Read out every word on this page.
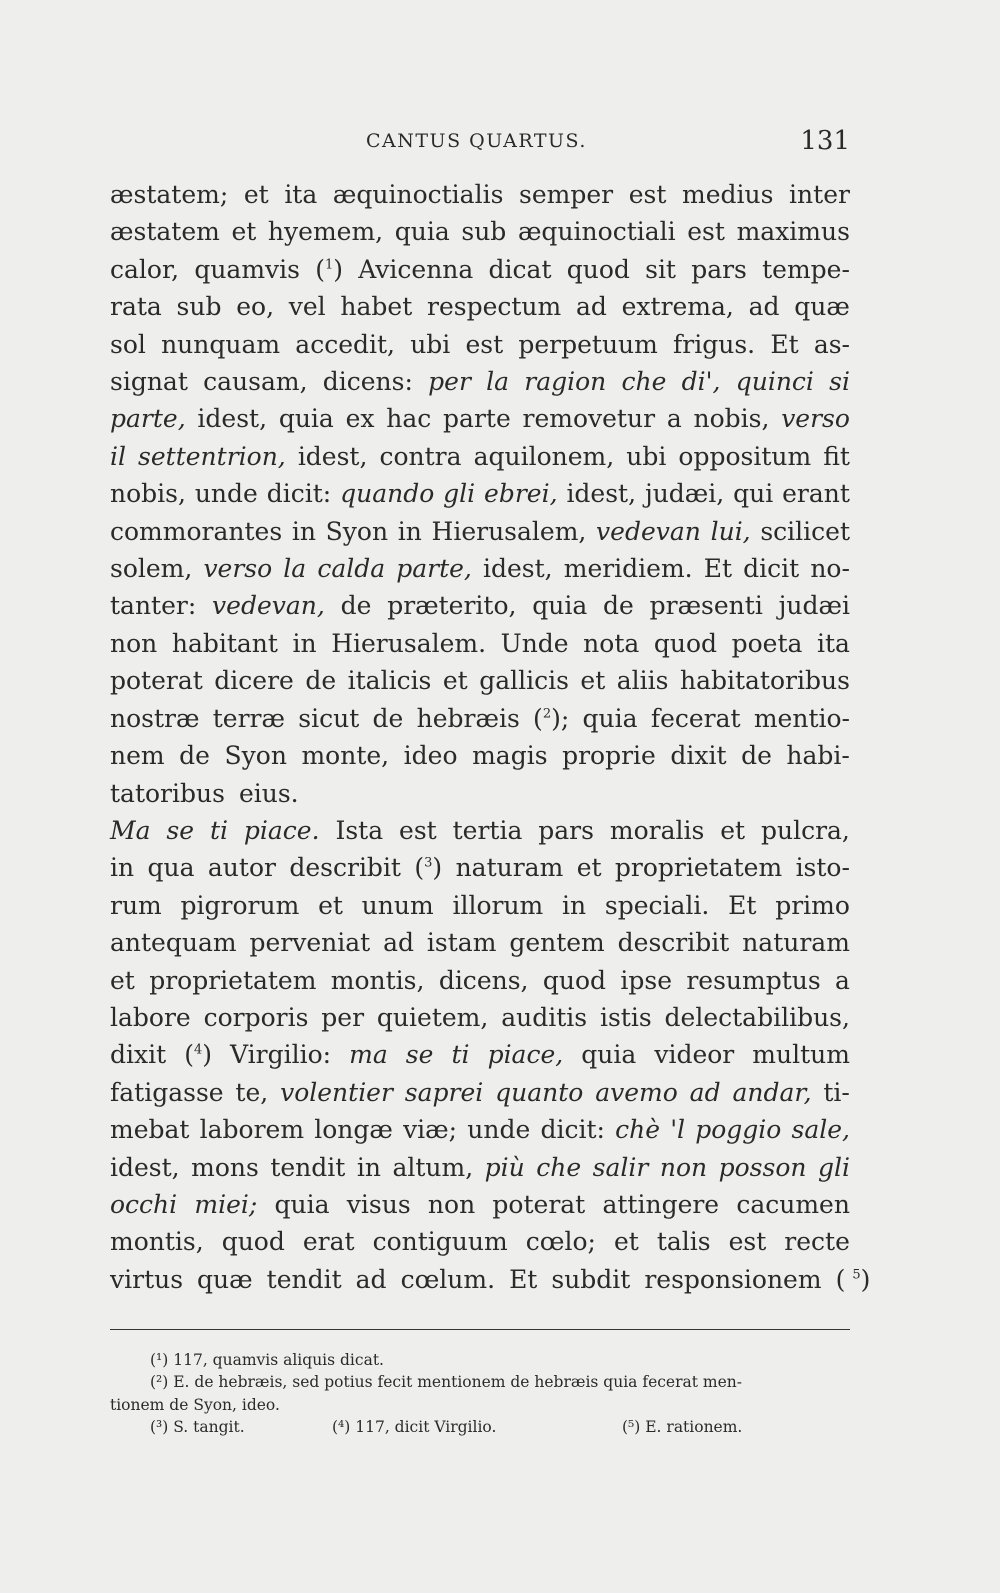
CANTUS QUARTUS.	131
æstatem; et ita æquinoctialis semper est medius inter
æstatem et hyemem, quia sub æquinoctiali est maximus
calor, quamvis ($^1$) Avicenna dicat quod sit pars tempe-
rata sub eo, vel habet respectum ad extrema, ad quæ
sol nunquam accedit, ubi est perpetuum frigus. Et as-
signat causam, dicens: per la ragion che di', quinci si
parte, idest, quia ex hac parte removetur a nobis, verso
il settentrion, idest, contra aquilonem, ubi oppositum fit
nobis, unde dicit: quando gli ebrei, idest, judæi, qui erant
commorantes in Syon in Hierusalem, vedevan lui, scilicet
solem, verso la calda parte, idest, meridiem. Et dicit no-
tanter: vedevan, de præterito, quia de præsenti judæi
non habitant in Hierusalem. Unde nota quod poeta ita
poterat dicere de italicis et gallicis et aliis habitatoribus
nostræ terræ sicut de hebræis ($^2$); quia fecerat mentio-
nem de Syon monte, ideo magis proprie dixit de habi-
tatoribus eius.
Ma se ti piace. Ista est tertia pars moralis et pulcra,
in qua autor describit ($^3$) naturam et proprietatem isto-
rum pigrorum et unum illorum in speciali. Et primo
antequam perveniat ad istam gentem describit naturam
et proprietatem montis, dicens, quod ipse resumptus a
labore corporis per quietem, auditis istis delectabilibus,
dixit ($^4$) Virgilio: ma se ti piace, quia videor multum
fatigasse te, volentier saprei quanto avemo ad andar, ti-
mebat laborem longæ viæ; unde dicit: chè 'l poggio sale,
idest, mons tendit in altum, più che salir non posson gli
occhi miei; quia visus non poterat attingere cacumen
montis, quod erat contiguum cœlo; et talis est recte
virtus quæ tendit ad cœlum. Et subdit responsionem ( $^5$)
(¹) 117, quamvis aliquis dicat.
(²) E. de hebræis, sed potius fecit mentionem de hebræis quia fecerat men-
tionem de Syon, ideo.
(³) S. tangit.	(⁴) 117, dicit Virgilio.	(⁵) E. rationem.
